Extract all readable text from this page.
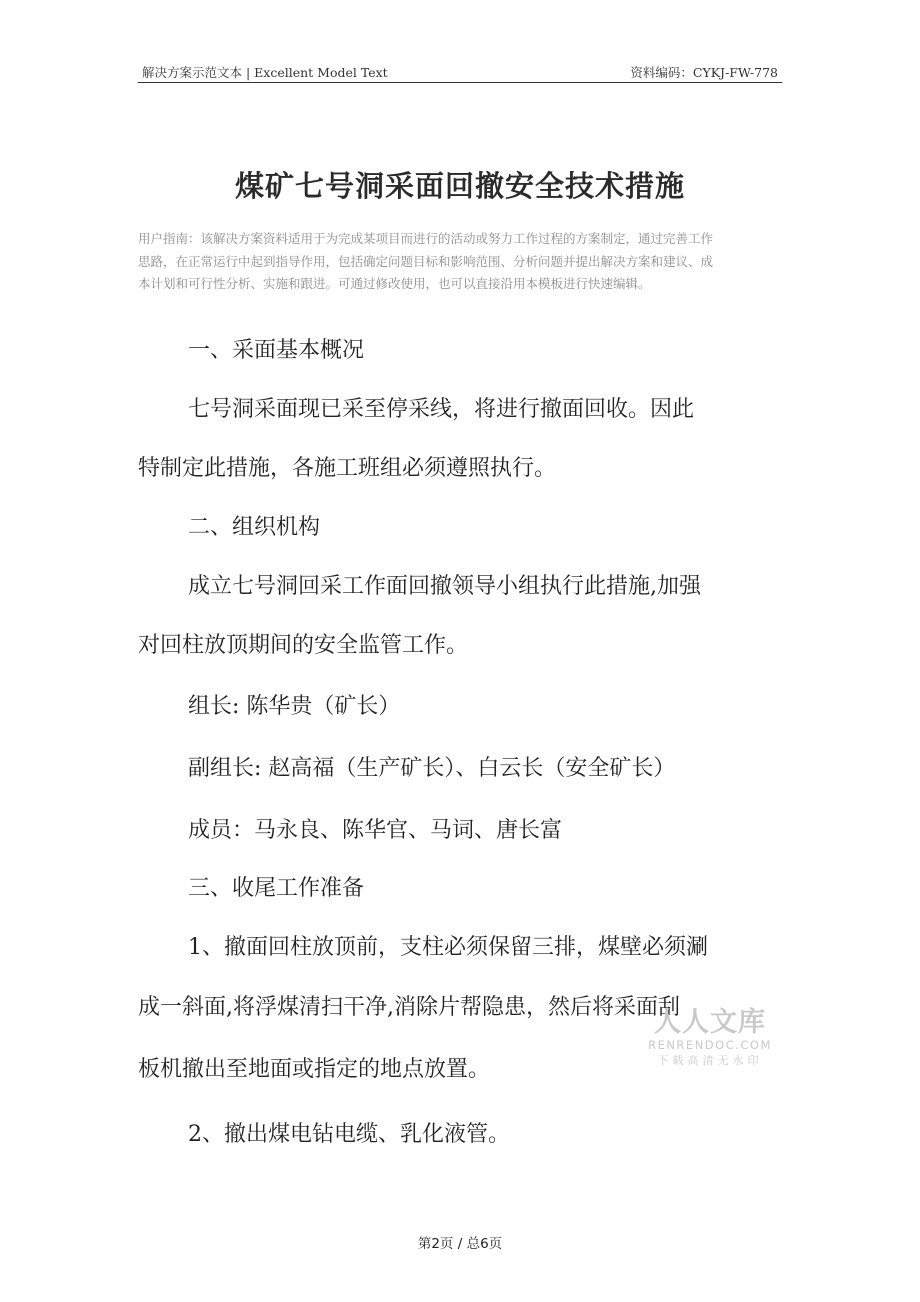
解决方案示范文本 | Excellent Model Text	资料编码：CYKJ-FW-778
煤矿七号洞采面回撤安全技术措施
用户指南：该解决方案资料适用于为完成某项目而进行的活动或努力工作过程的方案制定，通过完善工作
思路，在正常运行中起到指导作用，包括确定问题目标和影响范围、分析问题并提出解决方案和建议、成
本计划和可行性分析、实施和跟进。可通过修改使用，也可以直接沿用本模板进行快速编辑。
一、采面基本概况
七号洞采面现已采至停采线，将进行撤面回收。因此
特制定此措施，各施工班组必须遵照执行。
二、组织机构
成立七号洞回采工作面回撤领导小组执行此措施,加强
对回柱放顶期间的安全监管工作。
组长: 陈华贵（矿长）
副组长: 赵高福（生产矿长）、白云长（安全矿长）
成员：马永良、陈华官、马词、唐长富
三、收尾工作准备
1、撤面回柱放顶前，支柱必须保留三排，煤壁必须涮
成一斜面,将浮煤清扫干净,消除片帮隐患，然后将采面刮
板机撤出至地面或指定的地点放置。
2、撤出煤电钻电缆、乳化液管。
人人文库
RENRENDOC.COM
下载高清无水印
第2页 / 总6页
